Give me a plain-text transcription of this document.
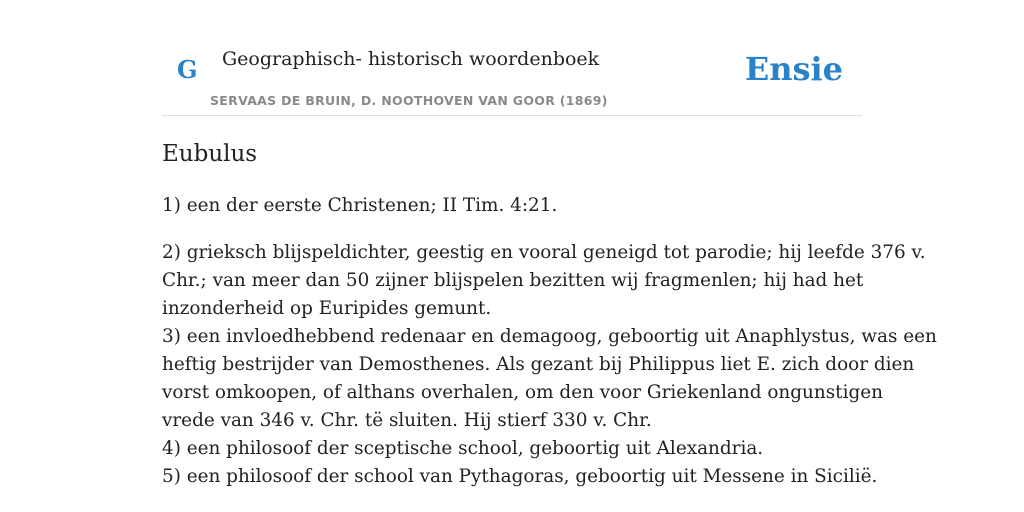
G Geographisch- historisch woordenboek
SERVAAS DE BRUIN, D. NOOTHOVEN VAN GOOR (1869)
Ensie
Eubulus

1) een der eerste Christenen; II Tim. 4:21.

2) grieksch blijspeldichter, geestig en vooral geneigd tot parodie; hij leefde 376 v.
Chr.; van meer dan 50 zijner blijspelen bezitten wij fragmenlen; hij had het
inzonderheid op Euripides gemunt.
3) een invloedhebbend redenaar en demagoog, geboortig uit Anaphlystus, was een
heftig bestrijder van Demosthenes. Als gezant bij Philippus liet E. zich door dien
vorst omkoopen, of althans overhalen, om den voor Griekenland ongunstigen
vrede van 346 v. Chr. të sluiten. Hij stierf 330 v. Chr.
4) een philosoof der sceptische school, geboortig uit Alexandria.
5) een philosoof der school van Pythagoras, geboortig uit Messene in Sicilië.
